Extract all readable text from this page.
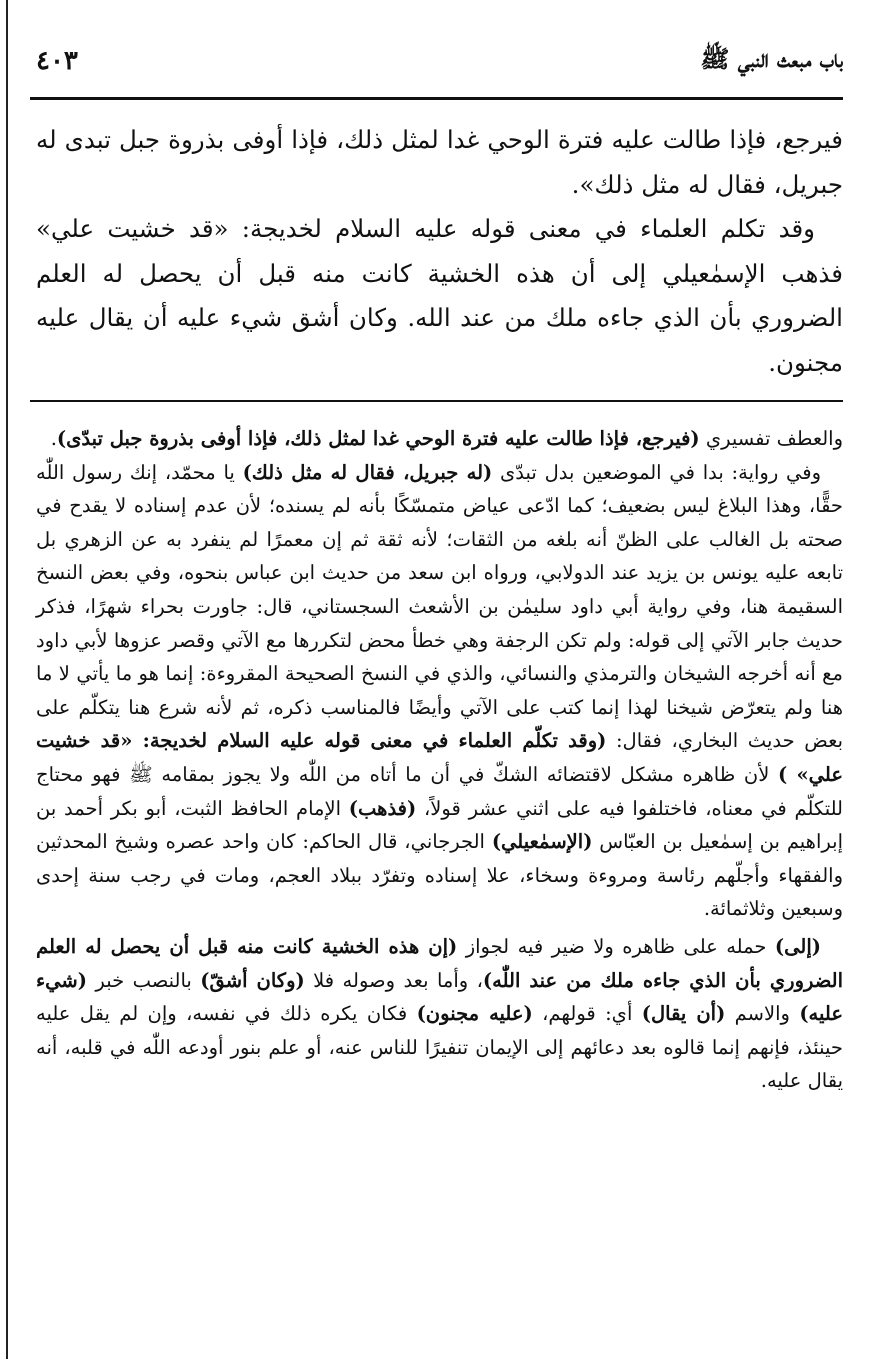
باب مبعث النبي ﷺ
٤٠٣

فيرجع، فإذا طالت عليه فترة الوحي غدا لمثل ذلك، فإذا أوفى بذروة جبل تبدى له جبريل، فقال له مثل ذلك».

وقد تكلم العلماء في معنى قوله عليه السلام لخديجة: «قد خشيت علي» فذهب الإسمٰعيلي إلى أن هذه الخشية كانت منه قبل أن يحصل له العلم الضروري بأن الذي جاءه ملك من عند الله. وكان أشق شيء عليه أن يقال عليه مجنون.

والعطف تفسيري (فيرجع، فإذا طالت عليه فترة الوحي غدا لمثل ذلك، فإذا أوفى بذروة جبل تبدّى).

وفي رواية: بدا في الموضعين بدل تبدّى (له جبريل، فقال له مثل ذلك) يا محمّد، إنك رسول اللّٰه حقًّا، وهذا البلاغ ليس بضعيف؛ كما ادّعى عياض متمسّكًا بأنه لم يسنده؛ لأن عدم إسناده لا يقدح في صحته بل الغالب على الظنّ أنه بلغه من الثقات؛ لأنه ثقة ثم إن معمرًا لم ينفرد به عن الزهري بل تابعه عليه يونس بن يزيد عند الدولابي، ورواه ابن سعد من حديث ابن عباس بنحوه، وفي بعض النسخ السقيمة هنا، وفي رواية أبي داود سليمٰن بن الأشعث السجستاني، قال: جاورت بحراء شهرًا، فذكر حديث جابر الآتي إلى قوله: ولم تكن الرجفة وهي خطأ محض لتكررها مع الآتي وقصر عزوها لأبي داود مع أنه أخرجه الشيخان والترمذي والنسائي، والذي في النسخ الصحيحة المقروءة: إنما هو ما يأتي لا ما هنا ولم يتعرّض شيخنا لهذا إنما كتب على الآتي وأيضًا فالمناسب ذكره، ثم لأنه شرع هنا يتكلّم على بعض حديث البخاري، فقال: (وقد تكلّم العلماء في معنى قوله عليه السلام لخديجة: «قد خشيت علي» ) لأن ظاهره مشكل لاقتضائه الشكّ في أن ما أتاه من اللّٰه ولا يجوز بمقامه ﷺ فهو محتاج للتكلّم في معناه، فاختلفوا فيه على اثني عشر قولاً، (فذهب) الإمام الحافظ الثبت، أبو بكر أحمد بن إبراهيم بن إسمٰعيل بن العبّاس (الإسمٰعيلي) الجرجاني، قال الحاكم: كان واحد عصره وشيخ المحدثين والفقهاء وأجلّهم رئاسة ومروءة وسخاء، علا إسناده وتفرّد ببلاد العجم، ومات في رجب سنة إحدى وسبعين وثلاثمائة.

(إلى) حمله على ظاهره ولا ضير فيه لجواز (إن هذه الخشية كانت منه قبل أن يحصل له العلم الضروري بأن الذي جاءه ملك من عند اللّٰه)، وأما بعد وصوله فلا (وكان أشقّ) بالنصب خبر (شيء عليه) والاسم (أن يقال) أي: قولهم، (عليه مجنون) فكان يكره ذلك في نفسه، وإن لم يقل عليه حينئذ، فإنهم إنما قالوه بعد دعائهم إلى الإيمان تنفيرًا للناس عنه، أو علم بنور أودعه اللّٰه في قلبه، أنه يقال عليه.
